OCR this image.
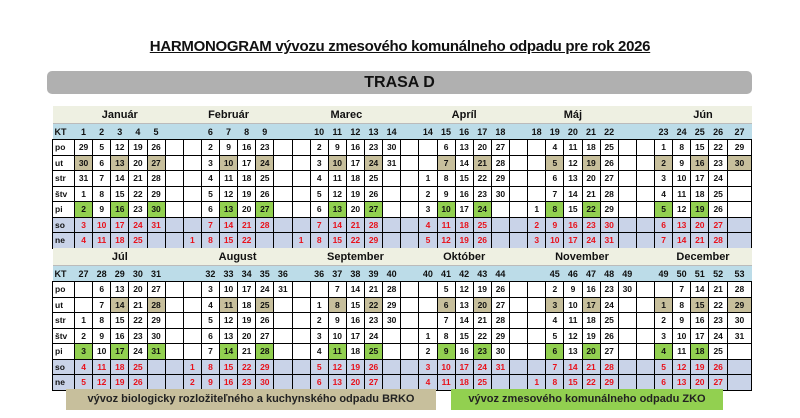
HARMONOGRAM vývozu zmesového komunálneho odpadu pre rok 2026
TRASA D
	Január						Február						Marec							Apríl						Máj							Jún				
KT	1	2	3	4	5			6	7	8	9			10	11	12	13	14		14	15	16	17	18		18	19	20	21	22			23	24	25	26	27
po	29	5	12	19	26			2	9	16	23			2	9	16	23	30			6	13	20	27			4	11	18	25			1	8	15	22	29
ut	30	6	13	20	27			3	10	17	24			3	10	17	24	31			7	14	21	28			5	12	19	26			2	9	16	23	30
str	31	7	14	21	28			4	11	18	25			4	11	18	25			1	8	15	22	29			6	13	20	27			3	10	17	24	
štv	1	8	15	22	29			5	12	19	26			5	12	19	26			2	9	16	23	30			7	14	21	28			4	11	18	25	
pi	2	9	16	23	30			6	13	20	27			6	13	20	27			3	10	17	24			1	8	15	22	29			5	12	19	26	
so	3	10	17	24	31			7	14	21	28			7	14	21	28			4	11	18	25			2	9	16	23	30			6	13	20	27	
ne	4	11	18	25			1	8	15	22			1	8	15	22	29			5	12	19	26			3	10	17	24	31			7	14	21	28	
	Júl						August							September						Október						November							December				
KT	27	28	29	30	31			32	33	34	35	36		36	37	38	39	40		40	41	42	43	44			45	46	47	48	49		49	50	51	52	53
po		6	13	20	27			3	10	17	24	31			7	14	21	28			5	12	19	26			2	9	16	23	30			7	14	21	28
ut		7	14	21	28			4	11	18	25			1	8	15	22	29			6	13	20	27			3	10	17	24			1	8	15	22	29
str	1	8	15	22	29			5	12	19	26			2	9	16	23	30			7	14	21	28			4	11	18	25			2	9	16	23	30
štv	2	9	16	23	30			6	13	20	27			3	10	17	24			1	8	15	22	29			5	12	19	26			3	10	17	24	31
pi	3	10	17	24	31			7	14	21	28			4	11	18	25			2	9	16	23	30			6	13	20	27			4	11	18	25	
so	4	11	18	25			1	8	15	22	29			5	12	19	26			3	10	17	24	31			7	14	21	28			5	12	19	26	
ne	5	12	19	26			2	9	16	23	30			6	13	20	27			4	11	18	25			1	8	15	22	29			6	13	20	27	
vývoz biologicky rozložiteľného a kuchynského odpadu BRKO	vývoz zmesového komunálneho odpadu ZKO
